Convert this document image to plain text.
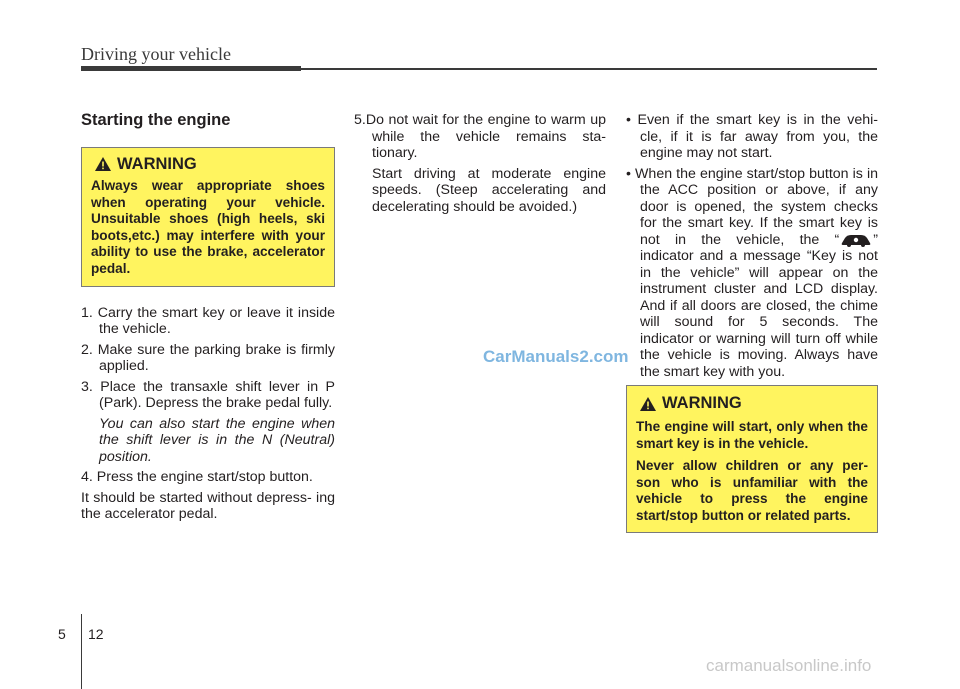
Driving your vehicle
Starting the engine
WARNING
Always wear appropriate shoes when operating your vehicle. Unsuitable shoes (high heels, ski boots,etc.) may interfere with your ability to use the brake, accelerator pedal.
1. Carry the smart key or leave it inside the vehicle.
2. Make sure the parking brake is firmly applied.
3. Place the transaxle shift lever in P (Park). Depress the brake pedal fully.
You can also start the engine when the shift lever is in the N (Neutral) position.
4. Press the engine start/stop button.
It should be started without depress- ing the accelerator pedal.
5.Do not wait for the engine to warm up while the vehicle remains sta- tionary.
Start driving at moderate engine speeds. (Steep accelerating and decelerating should be avoided.)
• Even if the smart key is in the vehi- cle, if it is far away from you, the engine may not start.
• When the engine start/stop button is in the ACC position or above, if any door is opened, the system checks for the smart key. If the smart key is not in the vehicle, the “ ” indicator and a message “Key is not in the vehicle” will appear on the instrument cluster and LCD display. And if all doors are closed, the chime will sound for 5 seconds. The indicator or warning will turn off while the vehicle is moving. Always have the smart key with you.
WARNING
The engine will start, only when the smart key is in the vehicle.
Never allow children or any per- son who is unfamiliar with the vehicle to press the engine start/stop button or related parts.
CarManuals2.com
5 12
carmanualsonline.info
